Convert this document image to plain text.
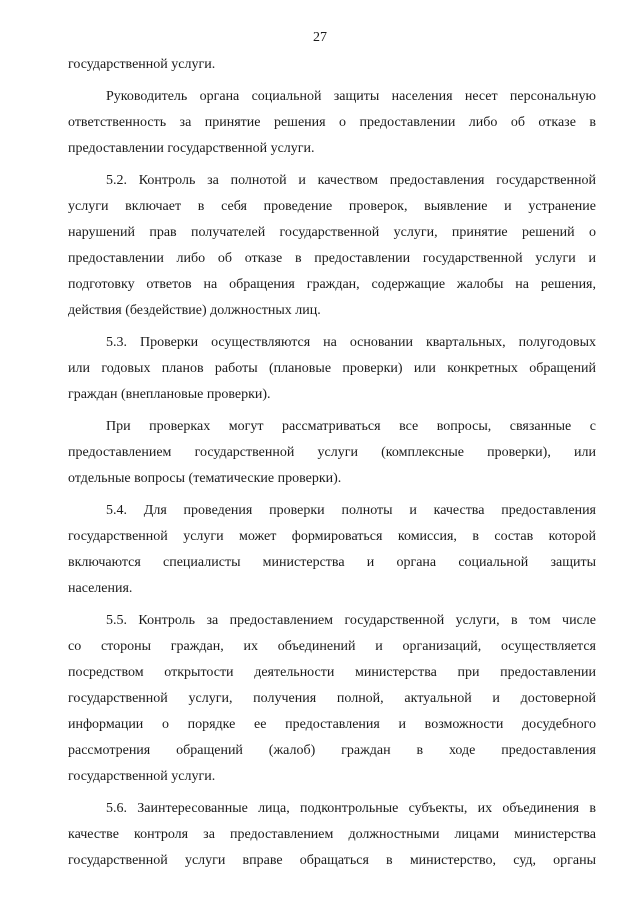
27

государственной услуги.

Руководитель органа социальной защиты населения несет персональную
ответственность за принятие решения о предоставлении либо об отказе в
предоставлении государственной услуги.

5.2. Контроль за полнотой и качеством предоставления государственной
услуги включает в себя проведение проверок, выявление и устранение
нарушений прав получателей государственной услуги, принятие решений о
предоставлении либо об отказе в предоставлении государственной услуги и
подготовку ответов на обращения граждан, содержащие жалобы на решения,
действия (бездействие) должностных лиц.

5.3. Проверки осуществляются на основании квартальных, полугодовых
или годовых планов работы (плановые проверки) или конкретных обращений
граждан (внеплановые проверки).

При проверках могут рассматриваться все вопросы, связанные с
предоставлением государственной услуги (комплексные проверки), или
отдельные вопросы (тематические проверки).

5.4. Для проведения проверки полноты и качества предоставления
государственной услуги может формироваться комиссия, в состав которой
включаются специалисты министерства и органа социальной защиты
населения.

5.5. Контроль за предоставлением государственной услуги, в том числе
со стороны граждан, их объединений и организаций, осуществляется
посредством открытости деятельности министерства при предоставлении
государственной услуги, получения полной, актуальной и достоверной
информации о порядке ее предоставления и возможности досудебного
рассмотрения обращений (жалоб) граждан в ходе предоставления
государственной услуги.

5.6. Заинтересованные лица, подконтрольные субъекты, их объединения в
качестве контроля за предоставлением должностными лицами министерства
государственной услуги вправе обращаться в министерство, суд, органы
